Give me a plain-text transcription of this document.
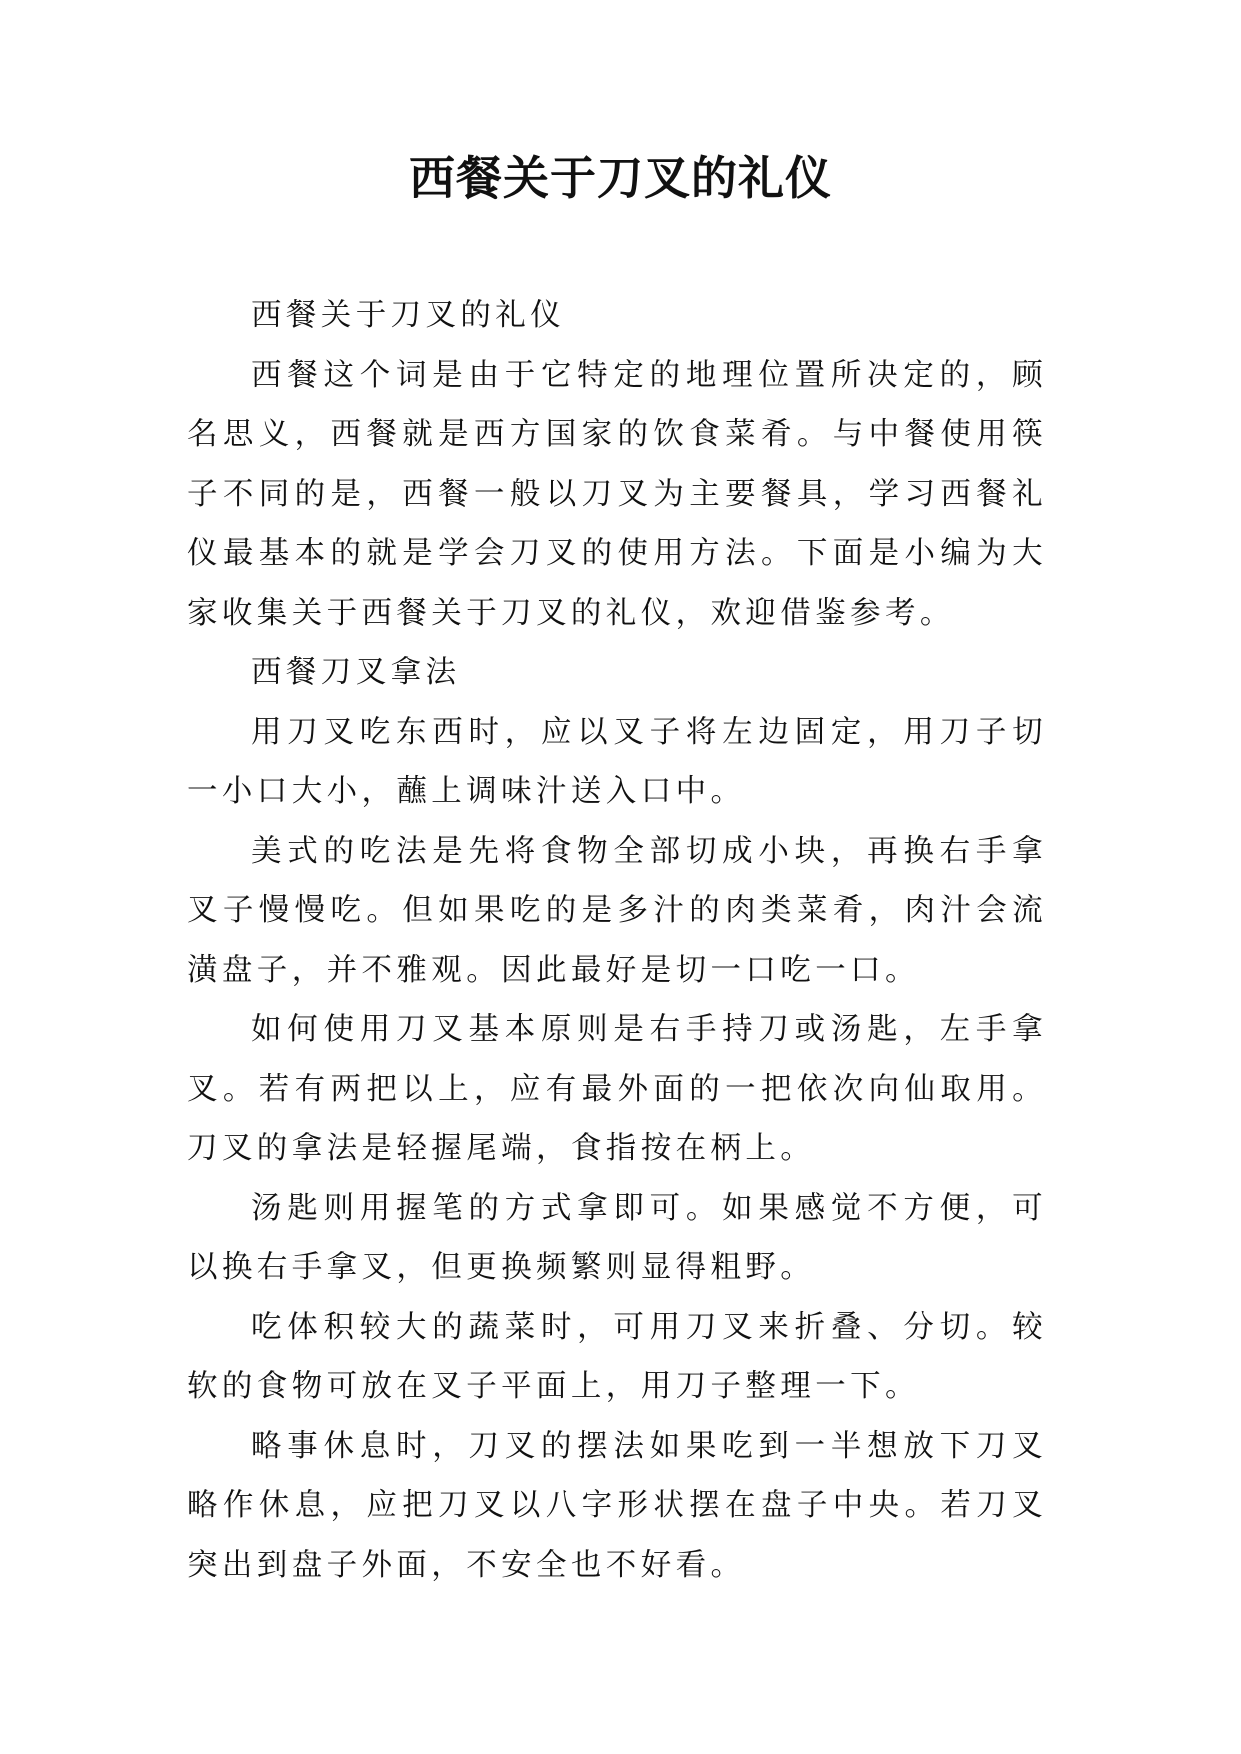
西餐关于刀叉的礼仪

西餐关于刀叉的礼仪

西餐这个词是由于它特定的地理位置所决定的，顾名思义，西餐就是西方国家的饮食菜肴。与中餐使用筷子不同的是，西餐一般以刀叉为主要餐具，学习西餐礼仪最基本的就是学会刀叉的使用方法。下面是小编为大家收集关于西餐关于刀叉的礼仪，欢迎借鉴参考。

西餐刀叉拿法

用刀叉吃东西时，应以叉子将左边固定，用刀子切一小口大小，蘸上调味汁送入口中。

美式的吃法是先将食物全部切成小块，再换右手拿叉子慢慢吃。但如果吃的是多汁的肉类菜肴，肉汁会流潢盘子，并不雅观。因此最好是切一口吃一口。

如何使用刀叉基本原则是右手持刀或汤匙，左手拿叉。若有两把以上，应有最外面的一把依次向仙取用。刀叉的拿法是轻握尾端，食指按在柄上。

汤匙则用握笔的方式拿即可。如果感觉不方便，可以换右手拿叉，但更换频繁则显得粗野。

吃体积较大的蔬菜时，可用刀叉来折叠、分切。较软的食物可放在叉子平面上，用刀子整理一下。

略事休息时，刀叉的摆法如果吃到一半想放下刀叉略作休息，应把刀叉以八字形状摆在盘子中央。若刀叉突出到盘子外面，不安全也不好看。
